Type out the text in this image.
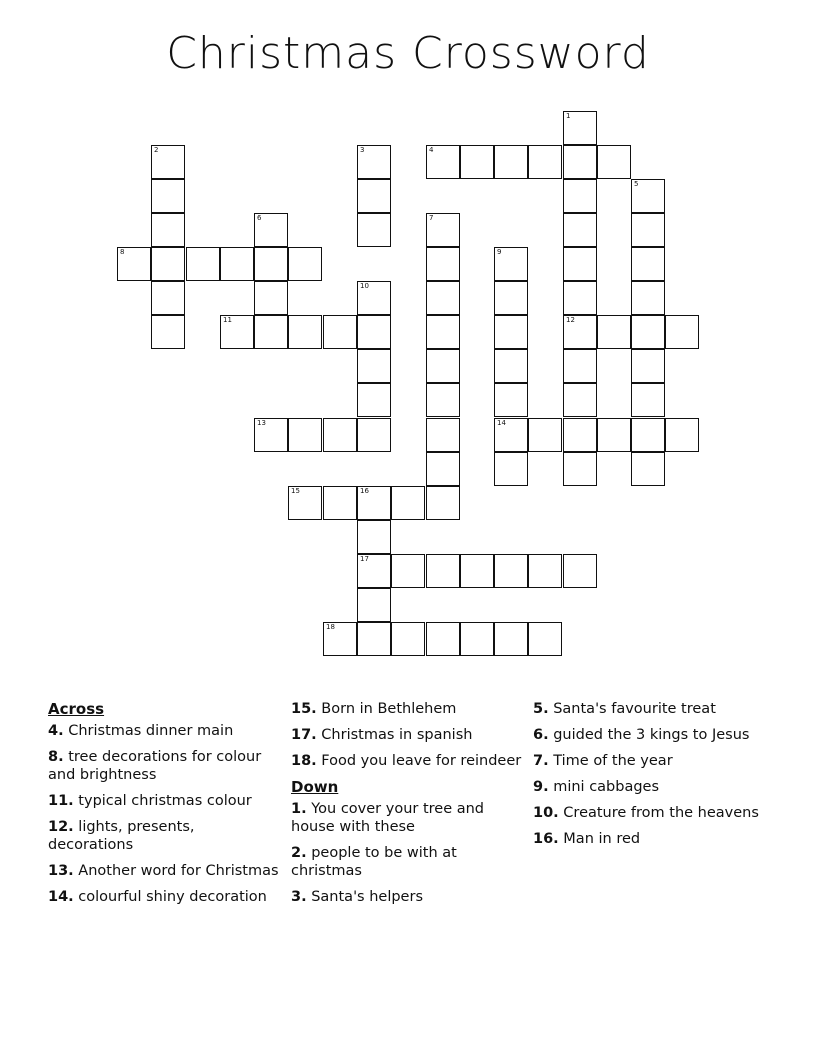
Christmas Crossword
1
2	3	4
5
6	7
8	9
10
11	12
13	14
15	16
17
18
Across
4. Christmas dinner main
8. tree decorations for colour and brightness
11. typical christmas colour
12. lights, presents, decorations
13. Another word for Christmas
14. colourful shiny decoration
15. Born in Bethlehem
17. Christmas in spanish
18. Food you leave for reindeer
Down
1. You cover your tree and house with these
2. people to be with at christmas
3. Santa's helpers
5. Santa's favourite treat
6. guided the 3 kings to Jesus
7. Time of the year
9. mini cabbages
10. Creature from the heavens
16. Man in red
